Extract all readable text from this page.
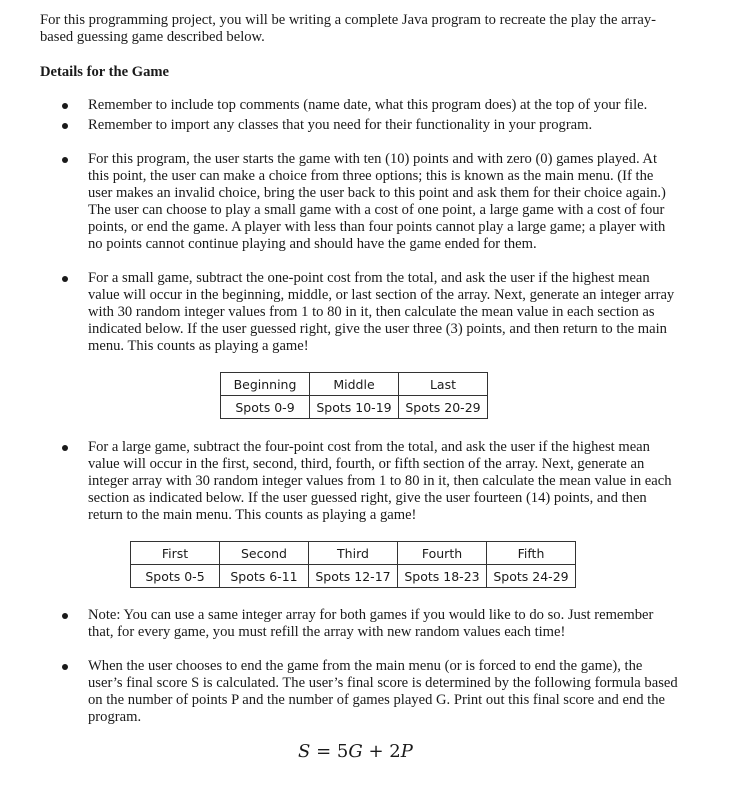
For this programming project, you will be writing a complete Java program to recreate the play the array-based guessing game described below.
Details for the Game
Remember to include top comments (name date, what this program does) at the top of your file.
Remember to import any classes that you need for their functionality in your program.
For this program, the user starts the game with ten (10) points and with zero (0) games played. At this point, the user can make a choice from three options; this is known as the main menu. (If the user makes an invalid choice, bring the user back to this point and ask them for their choice again.) The user can choose to play a small game with a cost of one point, a large game with a cost of four points, or end the game. A player with less than four points cannot play a large game; a player with no points cannot continue playing and should have the game ended for them.
For a small game, subtract the one-point cost from the total, and ask the user if the highest mean value will occur in the beginning, middle, or last section of the array. Next, generate an integer array with 30 random integer values from 1 to 80 in it, then calculate the mean value in each section as indicated below. If the user guessed right, give the user three (3) points, and then return to the main menu. This counts as playing a game!
For a large game, subtract the four-point cost from the total, and ask the user if the highest mean value will occur in the first, second, third, fourth, or fifth section of the array. Next, generate an integer array with 30 random integer values from 1 to 80 in it, then calculate the mean value in each section as indicated below. If the user guessed right, give the user fourteen (14) points, and then return to the main menu. This counts as playing a game!
Note: You can use a same integer array for both games if you would like to do so. Just remember that, for every game, you must refill the array with new random values each time!
When the user chooses to end the game from the main menu (or is forced to end the game), the user’s final score S is calculated. The user’s final score is determined by the following formula based on the number of points P and the number of games played G. Print out this final score and end the program.
Beginning	Middle	Last
Spots 0-9	Spots 10-19	Spots 20-29
First	Second	Third	Fourth	Fifth
Spots 0-5	Spots 6-11	Spots 12-17	Spots 18-23	Spots 24-29
S = 5G + 2P
